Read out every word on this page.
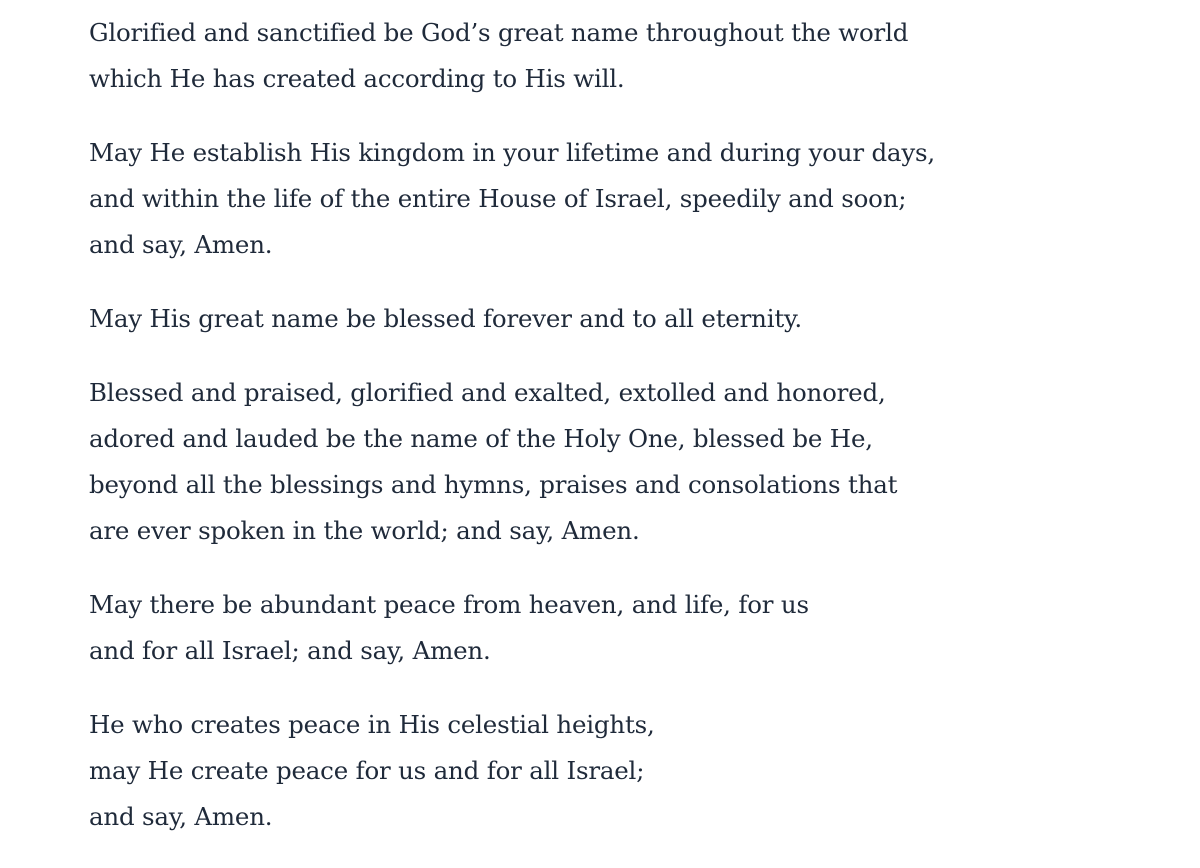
Glorified and sanctified be God’s great name throughout the world
which He has created according to His will.

May He establish His kingdom in your lifetime and during your days,
and within the life of the entire House of Israel, speedily and soon;
and say, Amen.

May His great name be blessed forever and to all eternity.

Blessed and praised, glorified and exalted, extolled and honored,
adored and lauded be the name of the Holy One, blessed be He,
beyond all the blessings and hymns, praises and consolations that
are ever spoken in the world; and say, Amen.

May there be abundant peace from heaven, and life, for us
and for all Israel; and say, Amen.

He who creates peace in His celestial heights,
may He create peace for us and for all Israel;
and say, Amen.
